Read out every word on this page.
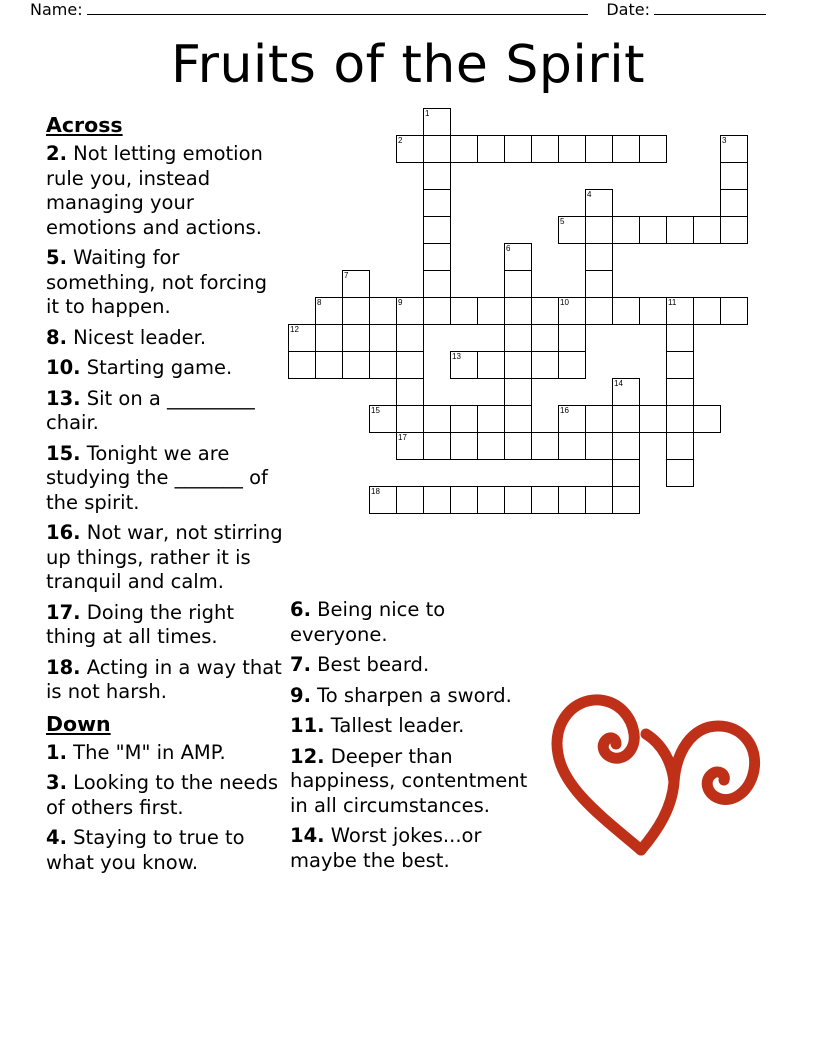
Name:	Date:
Fruits of the Spirit
Across
2. Not letting emotion rule you, instead managing your emotions and actions.
5. Waiting for something, not forcing it to happen.
8. Nicest leader.
10. Starting game.
13. Sit on a _________ chair.
15. Tonight we are studying the _______ of the spirit.
16. Not war, not stirring up things, rather it is tranquil and calm.
17. Doing the right thing at all times.
18. Acting in a way that is not harsh.
Down
1. The "M" in AMP.
3. Looking to the needs of others first.
4. Staying to true to what you know.
6. Being nice to everyone.
7. Best beard.
9. To sharpen a sword.
11. Tallest leader.
12. Deeper than happiness, contentment in all circumstances.
14. Worst jokes...or maybe the best.
1
2	3
4
5
6
7
8	9	10	11
12
13
14
15	16
17
18
